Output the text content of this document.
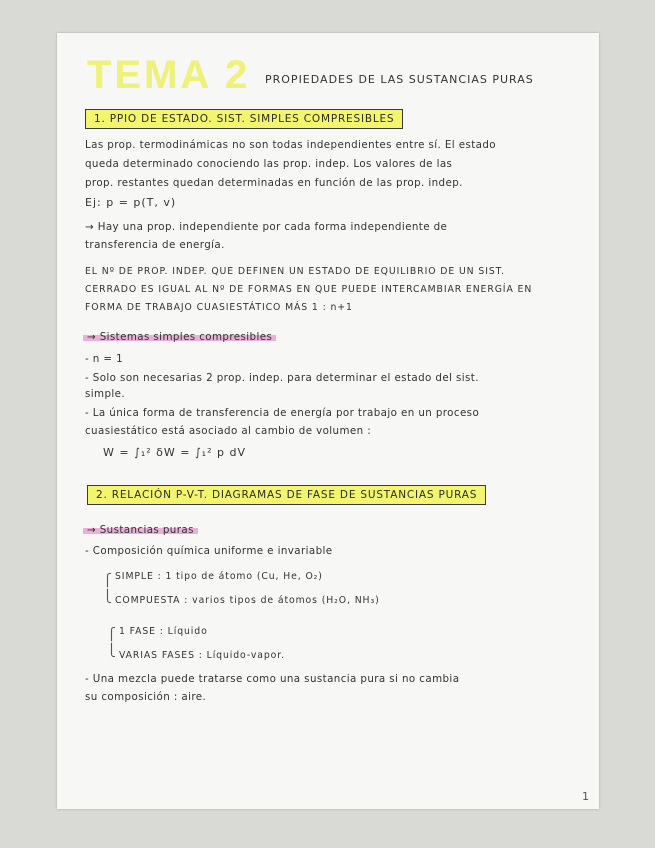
TEMA 2 PROPIEDADES DE LAS SUSTANCIAS PURAS
1. PPIO DE ESTADO. SIST. SIMPLES COMPRESIBLES
Las prop. termodinámicas no son todas independientes entre sí. El estado
queda determinado conociendo las prop. indep. Los valores de las
prop. restantes quedan determinadas en función de las prop. indep.
Ej: p = p(T, v)
→ Hay una prop. independiente por cada forma independiente de
transferencia de energía.
EL Nº DE PROP. INDEP. QUE DEFINEN UN ESTADO DE EQUILIBRIO DE UN SIST.
CERRADO ES IGUAL AL Nº DE FORMAS EN QUE PUEDE INTERCAMBIAR ENERGÍA EN
FORMA DE TRABAJO CUASIESTÁTICO MÁS 1 : n+1
→ Sistemas simples compresibles
- n = 1
- Solo son necesarias 2 prop. indep. para determinar el estado del sist.
simple.
- La única forma de transferencia de energía por trabajo en un proceso
cuasiestático está asociado al cambio de volumen :
W = ∫₁² δW = ∫₁² p dV
2. RELACIÓN P-V-T. DIAGRAMAS DE FASE DE SUSTANCIAS PURAS
→ Sustancias puras
- Composición química uniforme e invariable
⎧ SIMPLE : 1 tipo de átomo (Cu, He, O₂)
⎩ COMPUESTA : varios tipos de átomos (H₂O, NH₃)
⎧ 1 FASE : Líquido
⎩ VARIAS FASES : Líquido-vapor.
- Una mezcla puede tratarse como una sustancia pura si no cambia
su composición : aire.
1
